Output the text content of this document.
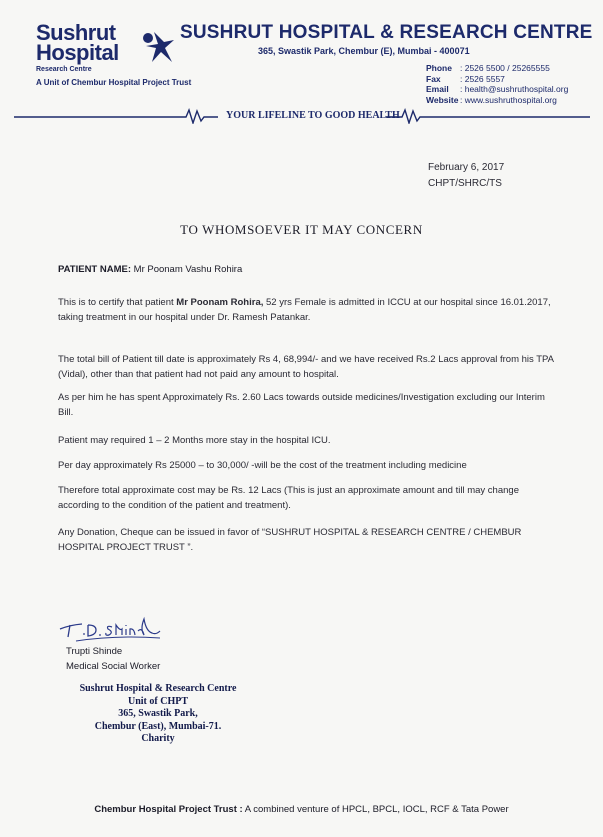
Sushrut
Hospital
Research Centre
A Unit of Chembur Hospital Project Trust
SUSHRUT HOSPITAL & RESEARCH CENTRE
365, Swastik Park, Chembur (E), Mumbai - 400071
Phone : 2526 5500 / 25265555
Fax : 2526 5557
Email : health@sushruthospital.org
Website : www.sushruthospital.org
YOUR LIFELINE TO GOOD HEALTH
February 6, 2017
CHPT/SHRC/TS
TO WHOMSOEVER IT MAY CONCERN
PATIENT NAME: Mr Poonam Vashu Rohira
This is to certify that patient Mr Poonam Rohira, 52 yrs Female is admitted in ICCU at our hospital since 16.01.2017, taking treatment in our hospital under Dr. Ramesh Patankar.
The total bill of Patient till date is approximately Rs 4, 68,994/- and we have received Rs.2 Lacs approval from his TPA (Vidal), other than that patient had not paid any amount to hospital.
As per him he has spent Approximately Rs. 2.60 Lacs towards outside medicines/Investigation excluding our Interim Bill.
Patient may required 1 – 2 Months more stay in the hospital ICU.
Per day approximately Rs 25000 – to 30,000/ -will be the cost of the treatment including medicine
Therefore total approximate cost may be Rs. 12 Lacs (This is just an approximate amount and till may change according to the condition of the patient and treatment).
Any Donation, Cheque can be issued in favor of “SUSHRUT HOSPITAL & RESEARCH CENTRE / CHEMBUR HOSPITAL PROJECT TRUST ”.
Trupti Shinde
Medical Social Worker
Sushrut Hospital & Research Centre
Unit of CHPT
365, Swastik Park,
Chembur (East), Mumbai-71.
Charity
Chembur Hospital Project Trust : A combined venture of HPCL, BPCL, IOCL, RCF & Tata Power
